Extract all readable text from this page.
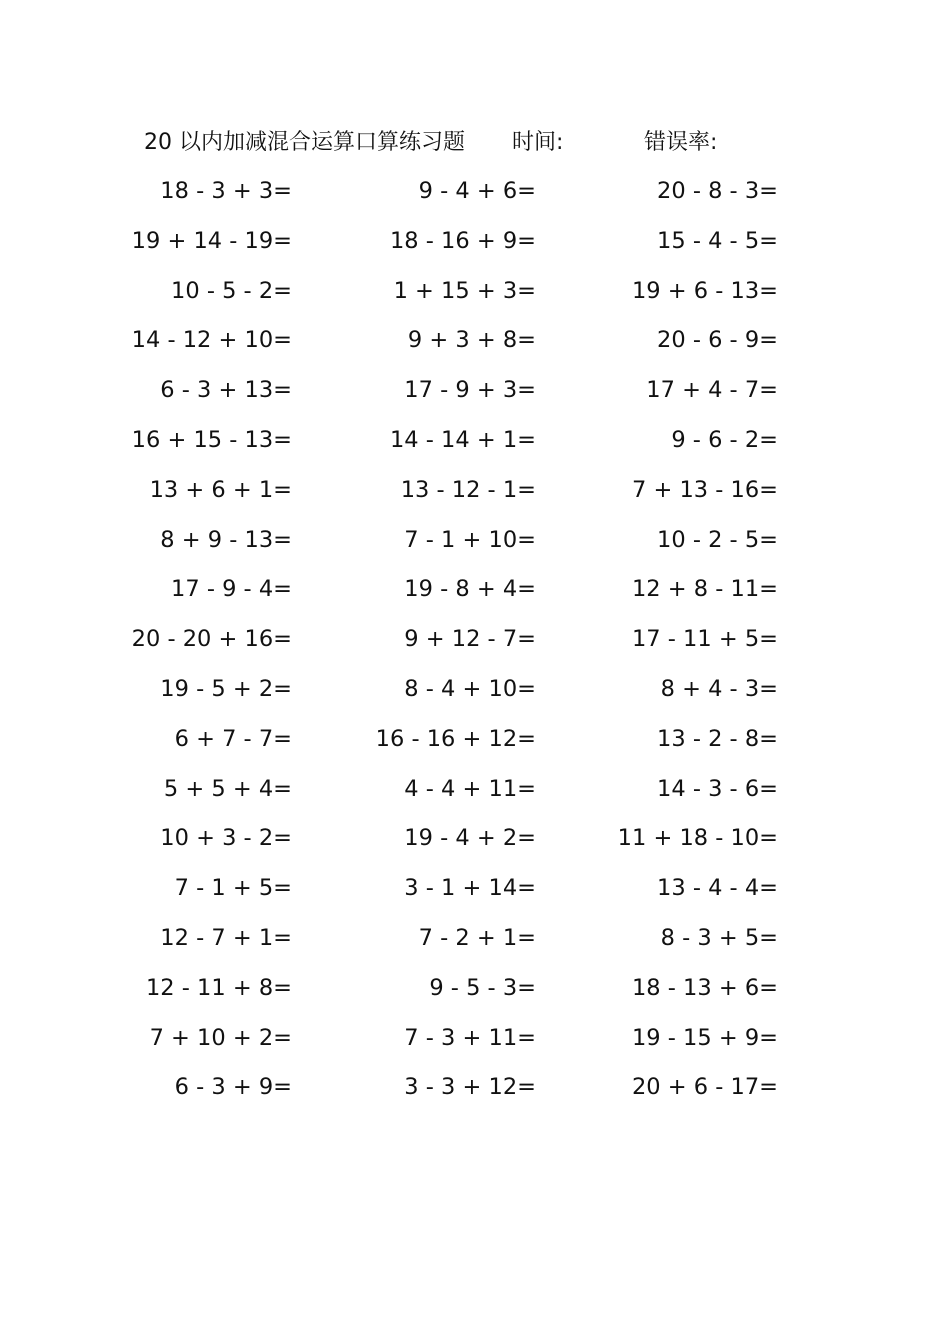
20 以内加减混合运算口算练习题 时间:	错误率:
18 - 3 + 3=	9 - 4 + 6=	20 - 8 - 3=
19 + 14 - 19=	18 - 16 + 9=	15 - 4 - 5=
10 - 5 - 2=	1 + 15 + 3=	19 + 6 - 13=
14 - 12 + 10=	9 + 3 + 8=	20 - 6 - 9=
6 - 3 + 13=	17 - 9 + 3=	17 + 4 - 7=
16 + 15 - 13=	14 - 14 + 1=	9 - 6 - 2=
13 + 6 + 1=	13 - 12 - 1=	7 + 13 - 16=
8 + 9 - 13=	7 - 1 + 10=	10 - 2 - 5=
17 - 9 - 4=	19 - 8 + 4=	12 + 8 - 11=
20 - 20 + 16=	9 + 12 - 7=	17 - 11 + 5=
19 - 5 + 2=	8 - 4 + 10=	8 + 4 - 3=
6 + 7 - 7=	16 - 16 + 12=	13 - 2 - 8=
5 + 5 + 4=	4 - 4 + 11=	14 - 3 - 6=
10 + 3 - 2=	19 - 4 + 2=	11 + 18 - 10=
7 - 1 + 5=	3 - 1 + 14=	13 - 4 - 4=
12 - 7 + 1=	7 - 2 + 1=	8 - 3 + 5=
12 - 11 + 8=	9 - 5 - 3=	18 - 13 + 6=
7 + 10 + 2=	7 - 3 + 11=	19 - 15 + 9=
6 - 3 + 9=	3 - 3 + 12=	20 + 6 - 17=
